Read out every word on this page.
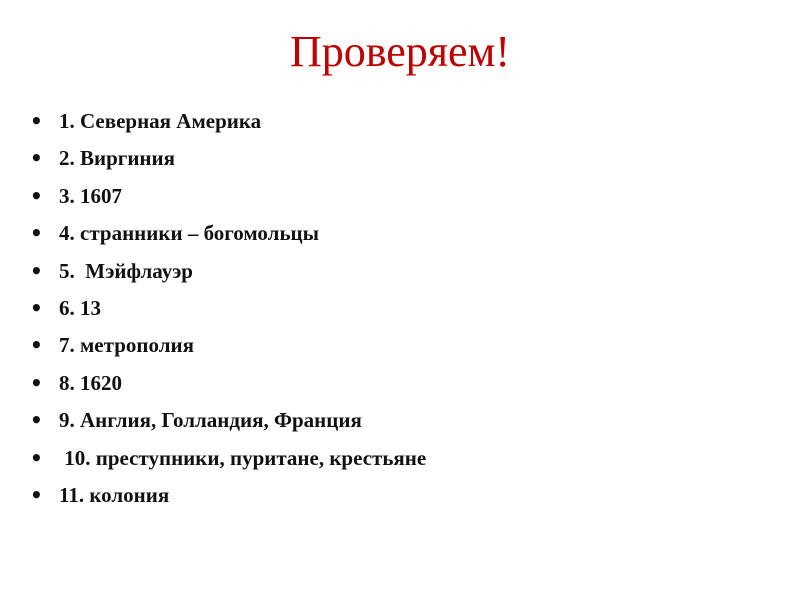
Проверяем!

•

1. Северная Америка

•

2. Виргиния

•

3. 1607

•

4. странники – богомольцы

•

5.  Мэйфлауэр

•

6. 13

•

7. метрополия

•

8. 1620

•

9. Англия, Голландия, Франция

•

10. преступники, пуритане, крестьяне

•

11. колония
